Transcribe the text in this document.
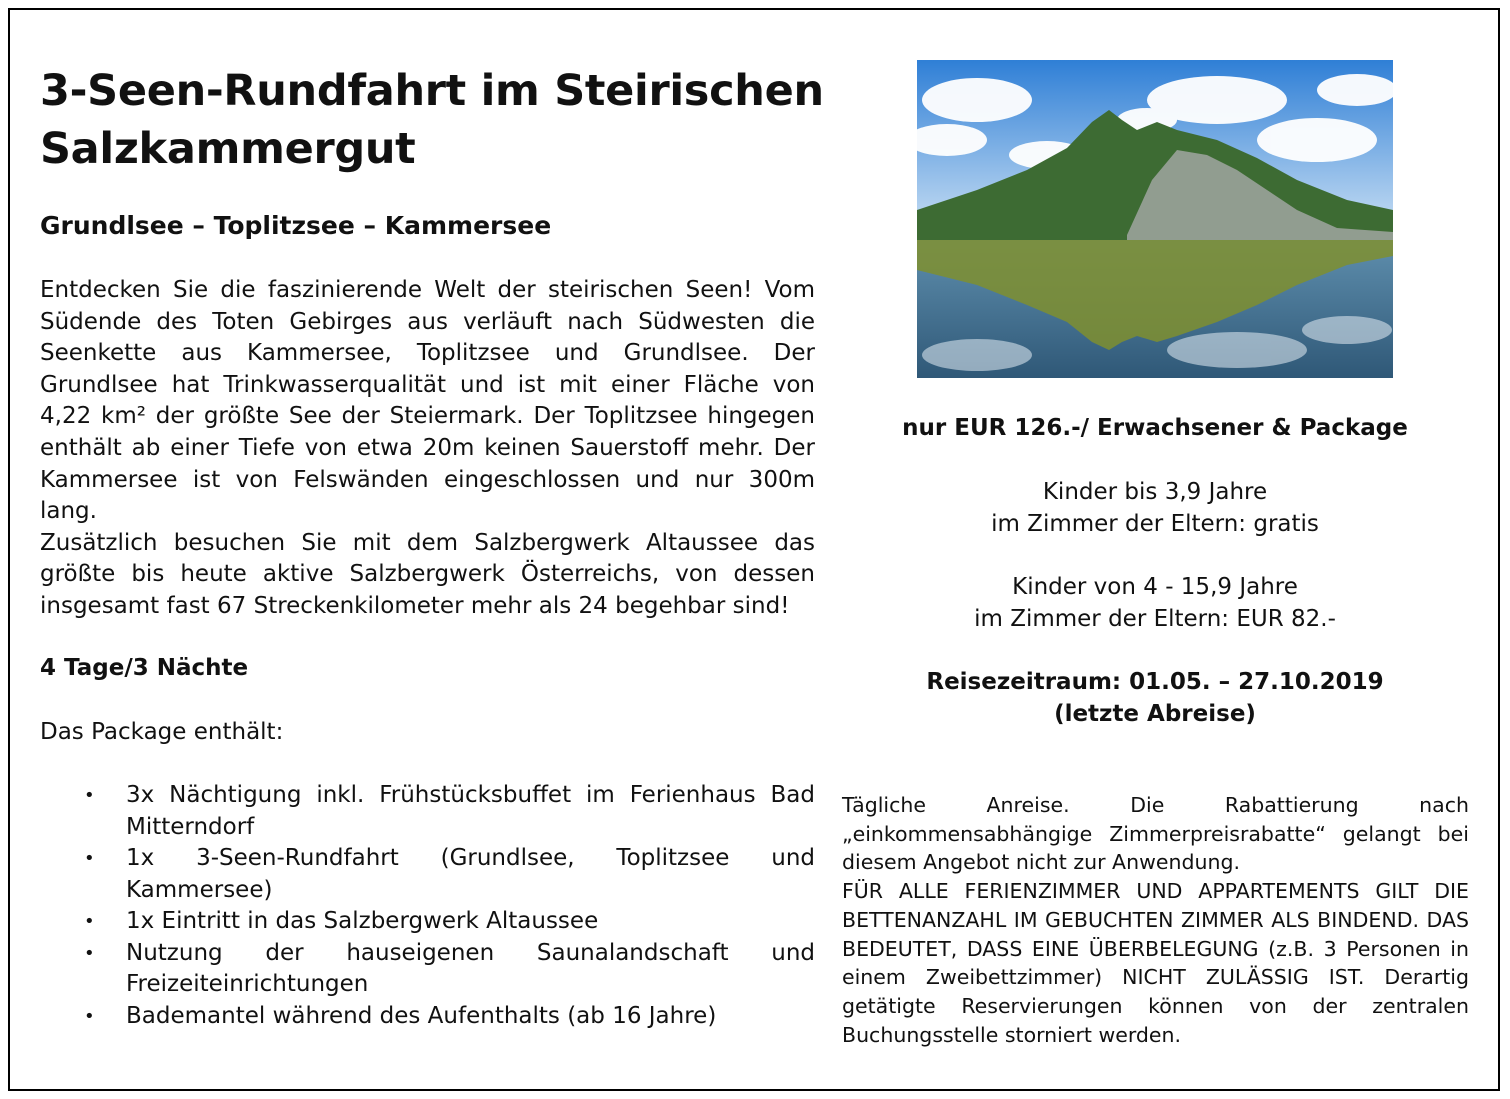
3-Seen-Rundfahrt im Steirischen
Salzkammergut
Grundlsee – Toplitzsee – Kammersee

Entdecken Sie die faszinierende Welt der steirischen Seen! Vom Südende des Toten Gebirges aus verläuft nach Südwesten die Seenkette aus Kammersee, Toplitzsee und Grundlsee. Der Grundlsee hat Trinkwasserqualität und ist mit einer Fläche von 4,22 km² der größte See der Steiermark. Der Toplitzsee hingegen enthält ab einer Tiefe von etwa 20m keinen Sauerstoff mehr. Der Kammersee ist von Felswänden eingeschlossen und nur 300m lang.

Zusätzlich besuchen Sie mit dem Salzbergwerk Altaussee das größte bis heute aktive Salzbergwerk Österreichs, von dessen insgesamt fast 67 Streckenkilometer mehr als 24 begehbar sind!

4 Tage/3 Nächte

Das Package enthält:

• 3x Nächtigung inkl. Frühstücksbuffet im Ferienhaus Bad Mitterndorf
• 1x 3-Seen-Rundfahrt (Grundlsee, Toplitzsee und Kammersee)
• 1x Eintritt in das Salzbergwerk Altaussee
• Nutzung der hauseigenen Saunalandschaft und Freizeiteinrichtungen
• Bademantel während des Aufenthalts (ab 16 Jahre)

nur EUR 126.-/ Erwachsener & Package

Kinder bis 3,9 Jahre
im Zimmer der Eltern: gratis

Kinder von 4 - 15,9 Jahre
im Zimmer der Eltern: EUR 82.-

Reisezeitraum: 01.05. – 27.10.2019
(letzte Abreise)

Tägliche Anreise. Die Rabattierung nach „einkommensabhängige Zimmerpreisrabatte“ gelangt bei diesem Angebot nicht zur Anwendung.
FÜR ALLE FERIENZIMMER UND APPARTEMENTS GILT DIE BETTENANZAHL IM GEBUCHTEN ZIMMER ALS BINDEND. DAS BEDEUTET, DASS EINE ÜBERBELEGUNG (z.B. 3 Personen in einem Zweibettzimmer) NICHT ZULÄSSIG IST. Derartig getätigte Reservierungen können von der zentralen Buchungsstelle storniert werden.
